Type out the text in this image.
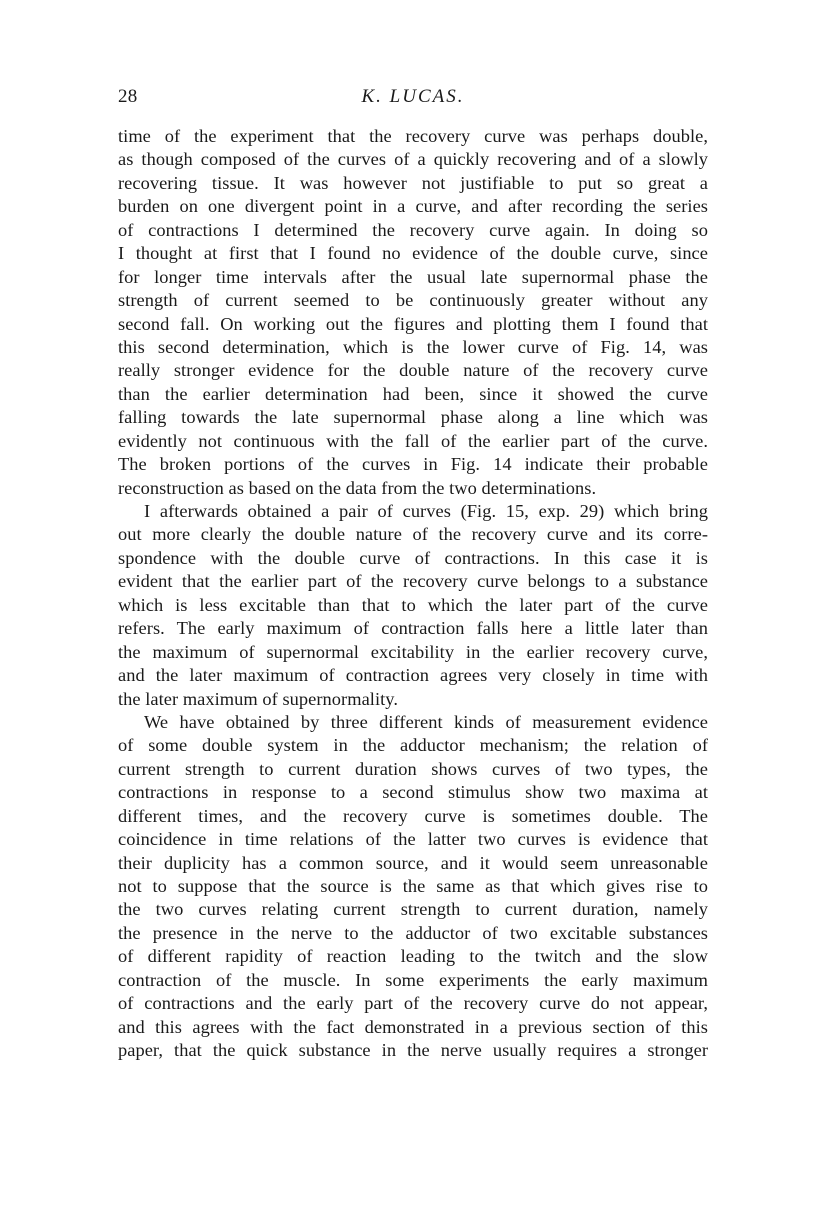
28	K. LUCAS.
time of the experiment that the recovery curve was perhaps double,
as though composed of the curves of a quickly recovering and of a slowly
recovering tissue. It was however not justifiable to put so great a
burden on one divergent point in a curve, and after recording the series
of contractions I determined the recovery curve again. In doing so
I thought at first that I found no evidence of the double curve, since
for longer time intervals after the usual late supernormal phase the
strength of current seemed to be continuously greater without any
second fall. On working out the figures and plotting them I found that
this second determination, which is the lower curve of Fig. 14, was
really stronger evidence for the double nature of the recovery curve
than the earlier determination had been, since it showed the curve
falling towards the late supernormal phase along a line which was
evidently not continuous with the fall of the earlier part of the curve.
The broken portions of the curves in Fig. 14 indicate their probable
reconstruction as based on the data from the two determinations.
I afterwards obtained a pair of curves (Fig. 15, exp. 29) which bring
out more clearly the double nature of the recovery curve and its corre-
spondence with the double curve of contractions. In this case it is
evident that the earlier part of the recovery curve belongs to a substance
which is less excitable than that to which the later part of the curve
refers. The early maximum of contraction falls here a little later than
the maximum of supernormal excitability in the earlier recovery curve,
and the later maximum of contraction agrees very closely in time with
the later maximum of supernormality.
We have obtained by three different kinds of measurement evidence
of some double system in the adductor mechanism; the relation of
current strength to current duration shows curves of two types, the
contractions in response to a second stimulus show two maxima at
different times, and the recovery curve is sometimes double. The
coincidence in time relations of the latter two curves is evidence that
their duplicity has a common source, and it would seem unreasonable
not to suppose that the source is the same as that which gives rise to
the two curves relating current strength to current duration, namely
the presence in the nerve to the adductor of two excitable substances
of different rapidity of reaction leading to the twitch and the slow
contraction of the muscle. In some experiments the early maximum
of contractions and the early part of the recovery curve do not appear,
and this agrees with the fact demonstrated in a previous section of this
paper, that the quick substance in the nerve usually requires a stronger
